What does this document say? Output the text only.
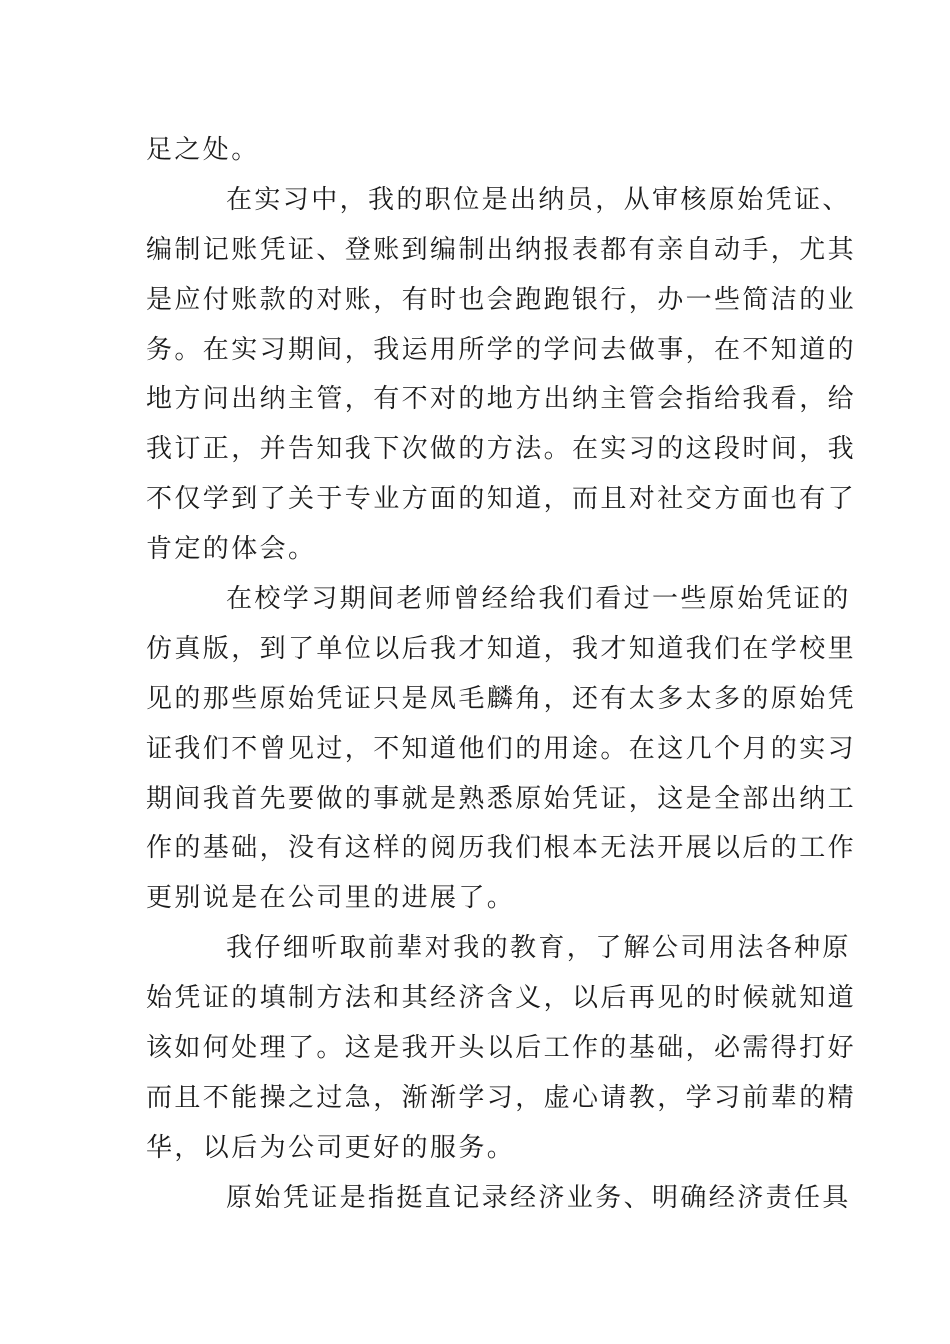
足之处。
在实习中，我的职位是出纳员，从审核原始凭证、
编制记账凭证、登账到编制出纳报表都有亲自动手，尤其
是应付账款的对账，有时也会跑跑银行，办一些简洁的业
务。在实习期间，我运用所学的学问去做事，在不知道的
地方问出纳主管，有不对的地方出纳主管会指给我看，给
我订正，并告知我下次做的方法。在实习的这段时间，我
不仅学到了关于专业方面的知道，而且对社交方面也有了
肯定的体会。
在校学习期间老师曾经给我们看过一些原始凭证的
仿真版，到了单位以后我才知道，我才知道我们在学校里
见的那些原始凭证只是凤毛麟角，还有太多太多的原始凭
证我们不曾见过，不知道他们的用途。在这几个月的实习
期间我首先要做的事就是熟悉原始凭证，这是全部出纳工
作的基础，没有这样的阅历我们根本无法开展以后的工作
更别说是在公司里的进展了。
我仔细听取前辈对我的教育，了解公司用法各种原
始凭证的填制方法和其经济含义，以后再见的时候就知道
该如何处理了。这是我开头以后工作的基础，必需得打好
而且不能操之过急，渐渐学习，虚心请教，学习前辈的精
华，以后为公司更好的服务。
原始凭证是指挺直记录经济业务、明确经济责任具
